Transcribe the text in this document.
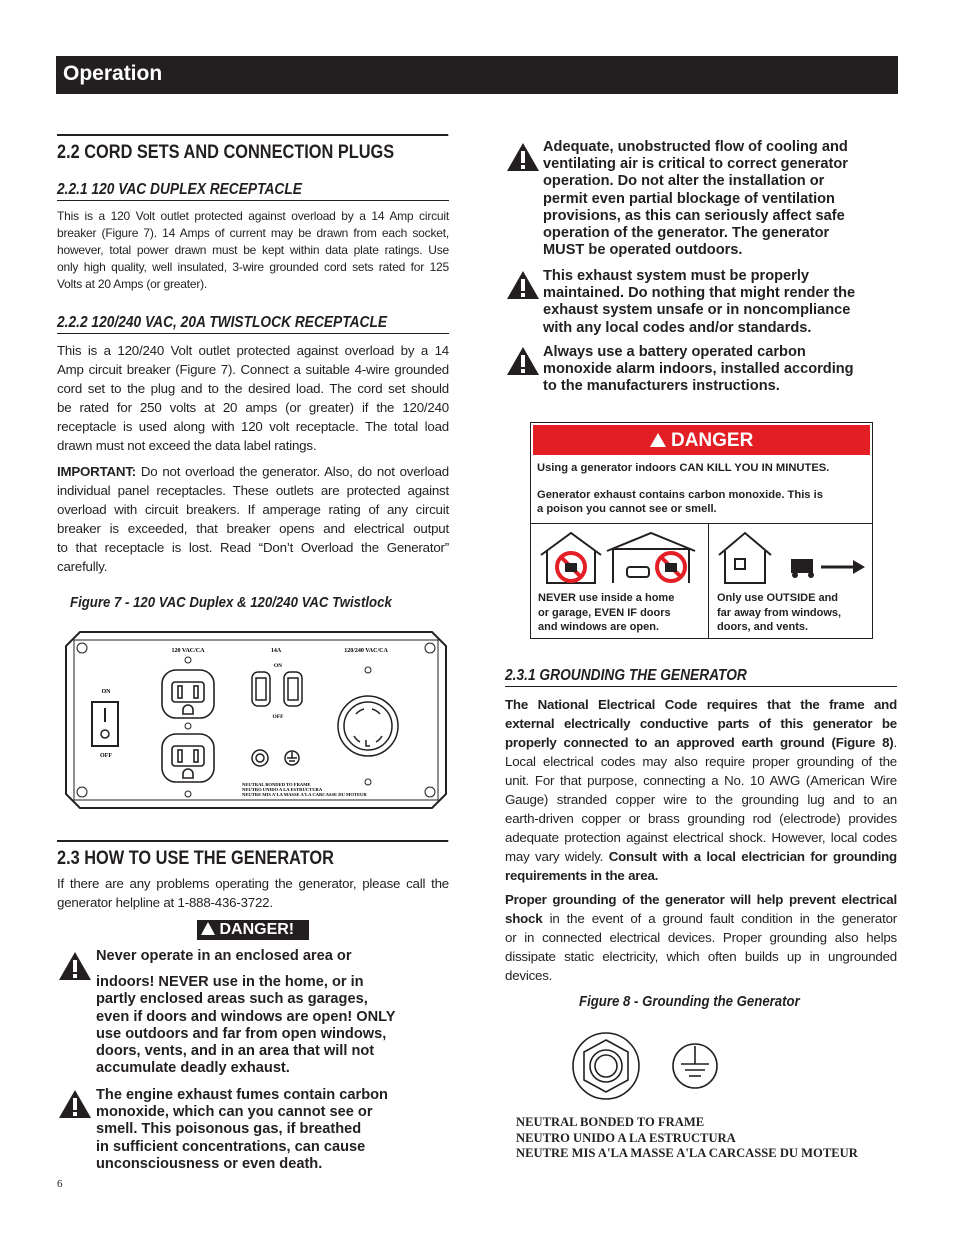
Operation
2.2 CORD SETS AND CONNECTION PLUGS
2.2.1 120 VAC DUPLEX RECEPTACLE
This is a 120 Volt outlet protected against overload by a 14 Amp circuit
breaker (Figure 7). 14 Amps of current may be drawn from each socket,
however, total power drawn must be kept within data plate ratings. Use
only high quality, well insulated, 3-wire grounded cord sets rated for 125
Volts at 20 Amps (or greater).
2.2.2 120/240 VAC, 20A TWISTLOCK RECEPTACLE
This is a 120/240 Volt outlet protected against overload by a 14
Amp circuit breaker (Figure 7). Connect a suitable 4-wire grounded
cord set to the plug and to the desired load. The cord set should
be rated for 250 volts at 20 amps (or greater) if the 120/240
receptacle is used along with 120 volt receptacle. The total load
drawn must not exceed the data label ratings.
IMPORTANT: Do not overload the generator. Also, do not overload
individual panel receptacles. These outlets are protected against
overload with circuit breakers. If amperage rating of any circuit
breaker is exceeded, that breaker opens and electrical output
to that receptacle is lost. Read “Don’t Overload the Generator”
carefully.
Figure 7 - 120 VAC Duplex & 120/240 VAC Twistlock
120 VAC/CA	14A
ON
OFF
120/240 VAC/CA
ON
OFF
NEUTRAL BONDED TO FRAME
NEUTRO UNIDO A LA ESTRUCTURA
NEUTRE MIS A'LA MASSE A'LA CARCASSE DU MOTEUR
2.3 HOW TO USE THE GENERATOR
If there are any problems operating the generator, please call the
generator helpline at 1-888-436-3722.
DANGER!
Never operate in an enclosed area or
indoors! NEVER use in the home, or in
partly enclosed areas such as garages,
even if doors and windows are open! ONLY
use outdoors and far from open windows,
doors, vents, and in an area that will not
accumulate deadly exhaust.
The engine exhaust fumes contain carbon
monoxide, which can you cannot see or
smell. This poisonous gas, if breathed
in sufficient concentrations, can cause
unconsciousness or even death.
6
Adequate, unobstructed flow of cooling and
ventilating air is critical to correct generator
operation. Do not alter the installation or
permit even partial blockage of ventilation
provisions, as this can seriously affect safe
operation of the generator. The generator
MUST be operated outdoors.
This exhaust system must be properly
maintained. Do nothing that might render the
exhaust system unsafe or in noncompliance
with any local codes and/or standards.
Always use a battery operated carbon
monoxide alarm indoors, installed according
to the manufacturers instructions.
DANGER
Using a generator indoors CAN KILL YOU IN MINUTES.
Generator exhaust contains carbon monoxide. This is
a poison you cannot see or smell.
NEVER use inside a home
or garage, EVEN IF doors
and windows are open.
Only use OUTSIDE and
far away from windows,
doors, and vents.
2.3.1 GROUNDING THE GENERATOR
The National Electrical Code requires that the frame and
external electrically conductive parts of this generator be
properly connected to an approved earth ground (Figure 8).
Local electrical codes may also require proper grounding of the
unit. For that purpose, connecting a No. 10 AWG (American Wire
Gauge) stranded copper wire to the grounding lug and to an
earth-driven copper or brass grounding rod (electrode) provides
adequate protection against electrical shock. However, local codes
may vary widely. Consult with a local electrician for grounding
requirements in the area.
Proper grounding of the generator will help prevent electrical
shock in the event of a ground fault condition in the generator
or in connected electrical devices. Proper grounding also helps
dissipate static electricity, which often builds up in ungrounded
devices.
Figure 8 - Grounding the Generator
NEUTRAL BONDED TO FRAME
NEUTRO UNIDO A LA ESTRUCTURA
NEUTRE MIS A'LA MASSE A'LA CARCASSE DU MOTEUR
